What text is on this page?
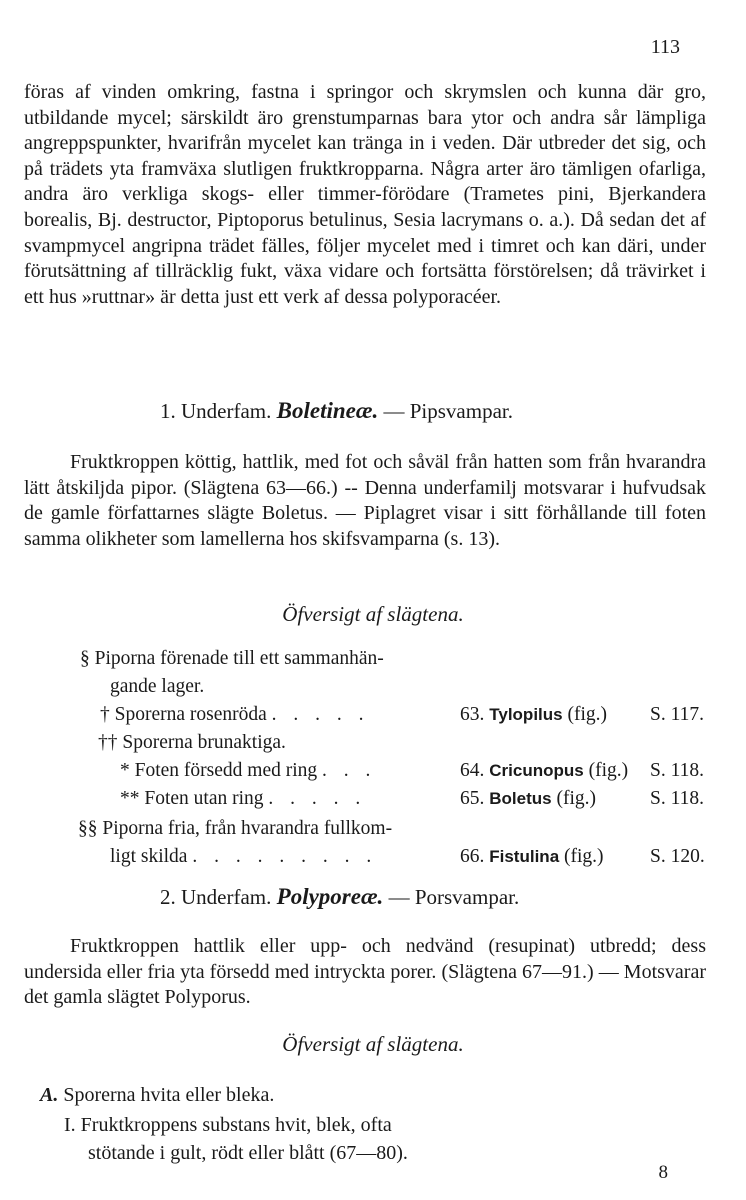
113
föras af vinden omkring, fastna i springor och skrymslen och kunna där gro, utbildande mycel; särskildt äro grenstumparnas bara ytor och andra sår lämpliga angreppspunkter, hvarifrån mycelet kan tränga in i veden. Där utbreder det sig, och på trädets yta framväxa slutligen fruktkropparna. Några arter äro tämligen ofarliga, andra äro verkliga skogs- eller timmer-förödare (Trametes pini, Bjerkandera borealis, Bj. destructor, Piptoporus betulinus, Sesia lacrymans o. a.). Då sedan det af svampmycel angripna trädet fälles, följer mycelet med i timret och kan däri, under förutsättning af tillräcklig fukt, växa vidare och fortsätta förstörelsen; då trävirket i ett hus »ruttnar» är detta just ett verk af dessa polyporacéer.
1. Underfam. Boletineæ. — Pipsvampar.
Fruktkroppen köttig, hattlik, med fot och såväl från hatten som från hvarandra lätt åtskiljda pipor. (Slägtena 63—66.) -- Denna underfamilj motsvarar i hufvudsak de gamle författarnes slägte Boletus. — Piplagret visar i sitt förhållande till foten samma olikheter som lamellerna hos skifsvamparna (s. 13).
Öfversigt af slägtena.
§ Piporna förenade till ett sammanhän-
gande lager.
† Sporerna rosenröda . . . . .	63. Tylopilus (fig.) S. 117.
†† Sporerna brunaktiga.
* Foten försedd med ring . . .	64. Cricunopus (fig.) S. 118.
** Foten utan ring . . . . .	65. Boletus (fig.)	S. 118.
§§ Piporna fria, från hvarandra fullkom-
ligt skilda . . . . . . . . .	66. Fistulina (fig.) S. 120.
2. Underfam. Polyporeæ. — Porsvampar.
Fruktkroppen hattlik eller upp- och nedvänd (resupinat) utbredd; dess undersida eller fria yta försedd med intryckta porer. (Slägtena 67—91.) — Motsvarar det gamla slägtet Polyporus.
Öfversigt af slägtena.
A. Sporerna hvita eller bleka.
I. Fruktkroppens substans hvit, blek, ofta
stötande i gult, rödt eller blått (67—80).
8
